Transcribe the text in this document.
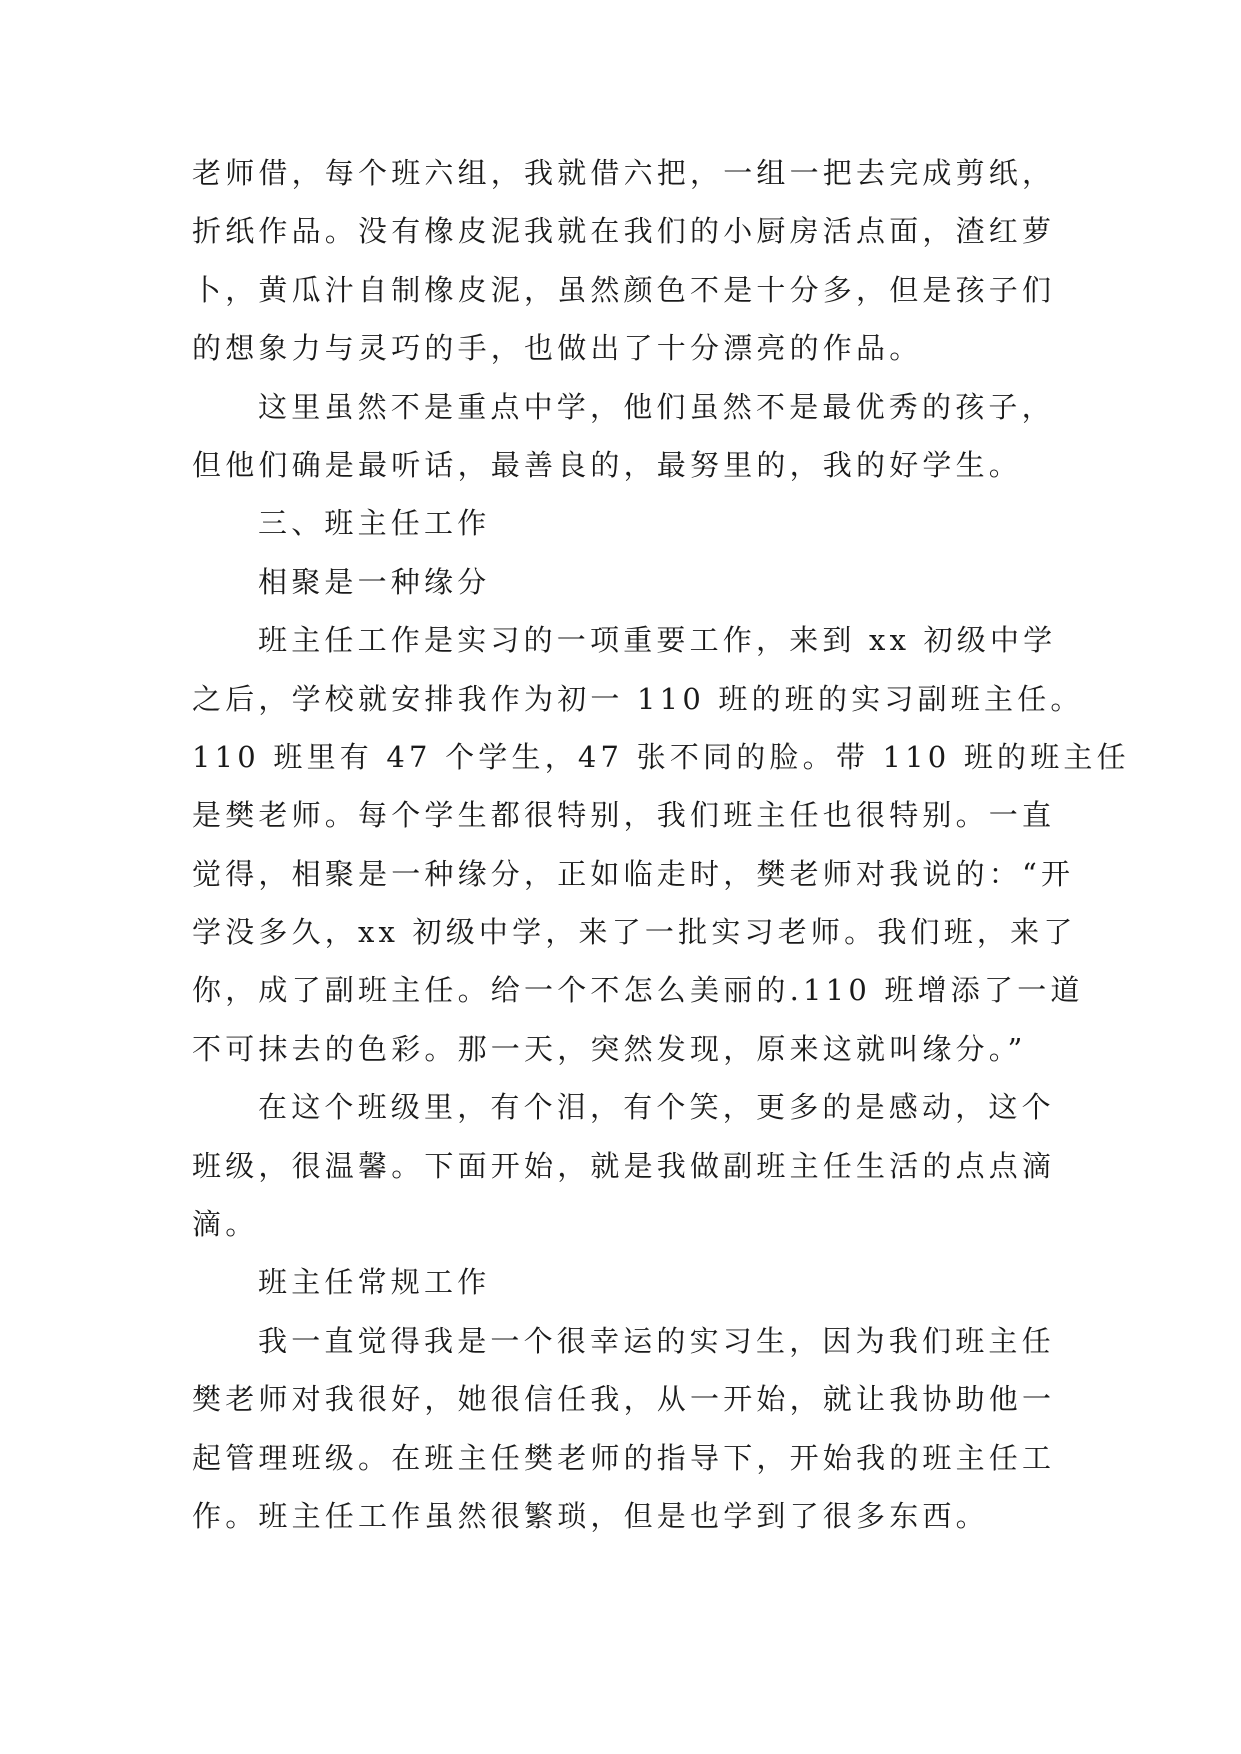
老师借，每个班六组，我就借六把，一组一把去完成剪纸，
折纸作品。没有橡皮泥我就在我们的小厨房活点面，渣红萝
卜，黄瓜汁自制橡皮泥，虽然颜色不是十分多，但是孩子们
的想象力与灵巧的手，也做出了十分漂亮的作品。
这里虽然不是重点中学，他们虽然不是最优秀的孩子，
但他们确是最听话，最善良的，最努里的，我的好学生。
三、班主任工作
相聚是一种缘分
班主任工作是实习的一项重要工作，来到 xx 初级中学
之后，学校就安排我作为初一 110 班的班的实习副班主任。
110 班里有 47 个学生，47 张不同的脸。带 110 班的班主任
是樊老师。每个学生都很特别，我们班主任也很特别。一直
觉得，相聚是一种缘分，正如临走时，樊老师对我说的：“开
学没多久，xx 初级中学，来了一批实习老师。我们班，来了
你，成了副班主任。给一个不怎么美丽的.110 班增添了一道
不可抹去的色彩。那一天，突然发现，原来这就叫缘分。”
在这个班级里，有个泪，有个笑，更多的是感动，这个
班级，很温馨。下面开始，就是我做副班主任生活的点点滴
滴。
班主任常规工作
我一直觉得我是一个很幸运的实习生，因为我们班主任
樊老师对我很好，她很信任我，从一开始，就让我协助他一
起管理班级。在班主任樊老师的指导下，开始我的班主任工
作。班主任工作虽然很繁琐，但是也学到了很多东西。
